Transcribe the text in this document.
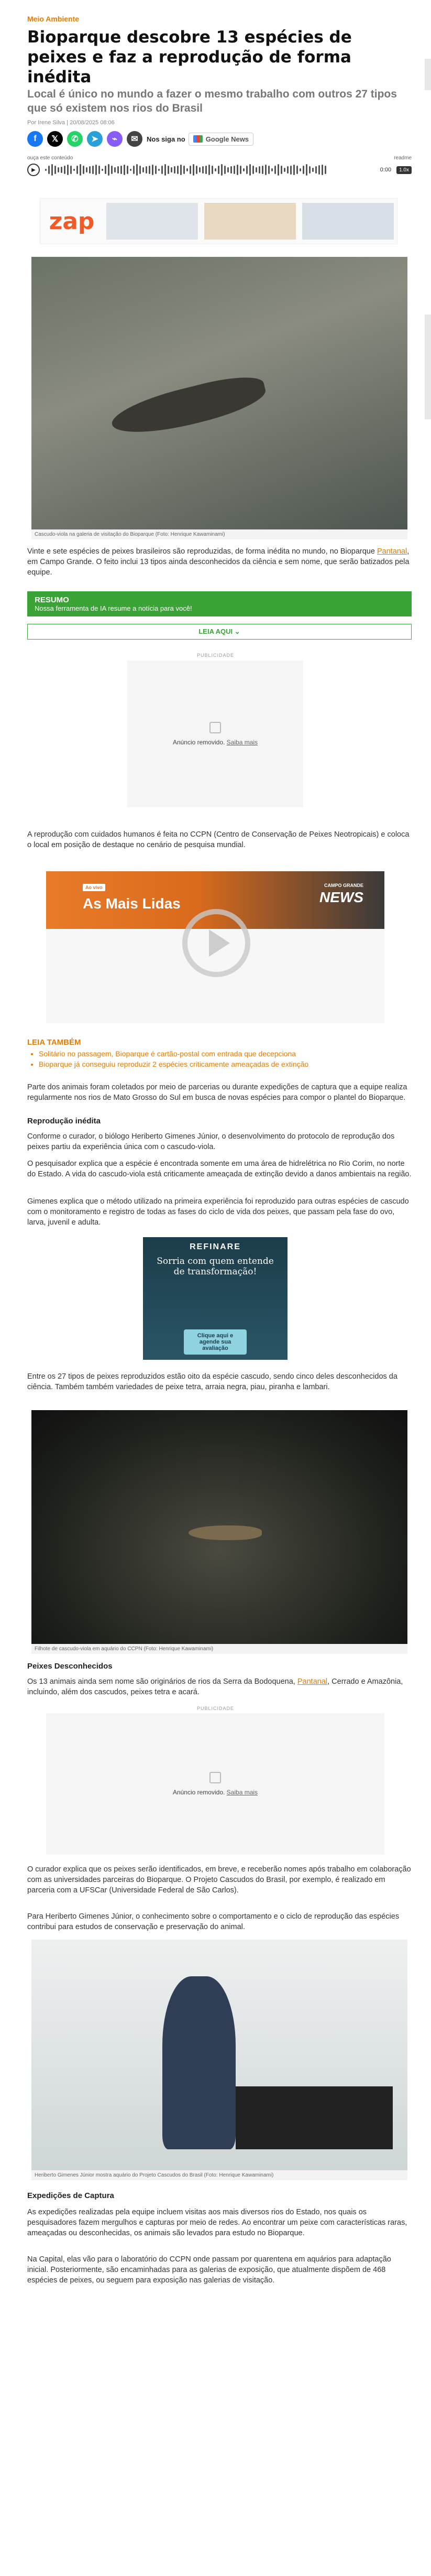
Meio Ambiente
Bioparque descobre 13 espécies de peixes e faz a reprodução de forma inédita
Local é único no mundo a fazer o mesmo trabalho com outros 27 tipos que só existem nos rios do Brasil
Por Irene Silva | 20/08/2025 08:06
f	𝕏	✆	➤	⌁	✉	Nos siga no	Google News
ouça este conteúdo	readme
▶	0:00	1.0x
zap
Cascudo-viola na galeria de visitação do Bioparque (Foto: Henrique Kawaminami)

Vinte e sete espécies de peixes brasileiros são reproduzidas, de forma inédita no mundo, no Bioparque Pantanal, em Campo Grande. O feito inclui 13 tipos ainda desconhecidos da ciência e sem nome, que serão batizados pela equipe.

RESUMO
Nossa ferramenta de IA resume a notícia para você!
LEIA AQUI ⌄
PUBLICIDADE
Anúncio removido. Saiba mais

A reprodução com cuidados humanos é feita no CCPN (Centro de Conservação de Peixes Neotropicais) e coloca o local em posição de destaque no cenário de pesquisa mundial.

Ao vivo
As Mais Lidas
CAMPO GRANDE
NEWS
LEIA TAMBÉM
• Solitário no passagem, Bioparque é cartão-postal com entrada que decepciona
• Bioparque já conseguiu reproduzir 2 espécies criticamente ameaçadas de extinção

Parte dos animais foram coletados por meio de parcerias ou durante expedições de captura que a equipe realiza regularmente nos rios de Mato Grosso do Sul em busca de novas espécies para compor o plantel do Bioparque.

Reprodução inédita

Conforme o curador, o biólogo Heriberto Gimenes Júnior, o desenvolvimento do protocolo de reprodução dos peixes partiu da experiência única com o cascudo-viola.

O pesquisador explica que a espécie é encontrada somente em uma área de hidrelétrica no Rio Corim, no norte do Estado. A vida do cascudo-viola está criticamente ameaçada de extinção devido a danos ambientais na região.

Gimenes explica que o método utilizado na primeira experiência foi reproduzido para outras espécies de cascudo com o monitoramento e registro de todas as fases do ciclo de vida dos peixes, que passam pela fase do ovo, larva, juvenil e adulta.

REFINARE
Sorria com quem entende de transformação!
Clique aqui e agende sua avaliação

Entre os 27 tipos de peixes reproduzidos estão oito da espécie cascudo, sendo cinco deles desconhecidos da ciência. Também também variedades de peixe tetra, arraia negra, piau, piranha e lambari.

Filhote de cascudo-viola em aquário do CCPN (Foto: Henrique Kawaminami)
Peixes Desconhecidos

Os 13 animais ainda sem nome são originários de rios da Serra da Bodoquena, Pantanal, Cerrado e Amazônia, incluindo, além dos cascudos, peixes tetra e acará.

PUBLICIDADE
Anúncio removido. Saiba mais

O curador explica que os peixes serão identificados, em breve, e receberão nomes após trabalho em colaboração com as universidades parceiras do Bioparque. O Projeto Cascudos do Brasil, por exemplo, é realizado em parceria com a UFSCar (Universidade Federal de São Carlos).

Para Heriberto Gimenes Júnior, o conhecimento sobre o comportamento e o ciclo de reprodução das espécies contribui para estudos de conservação e preservação do animal.

Heriberto Gimenes Júnior mostra aquário do Projeto Cascudos do Brasil (Foto: Henrique Kawaminami)
Expedições de Captura

As expedições realizadas pela equipe incluem visitas aos mais diversos rios do Estado, nos quais os pesquisadores fazem mergulhos e capturas por meio de redes. Ao encontrar um peixe com características raras, ameaçadas ou desconhecidas, os animais são levados para estudo no Bioparque.

Na Capital, elas vão para o laboratório do CCPN onde passam por quarentena em aquários para adaptação inicial. Posteriormente, são encaminhadas para as galerias de exposição, que atualmente dispõem de 468 espécies de peixes, ou seguem para exposição nas galerias de visitação.
